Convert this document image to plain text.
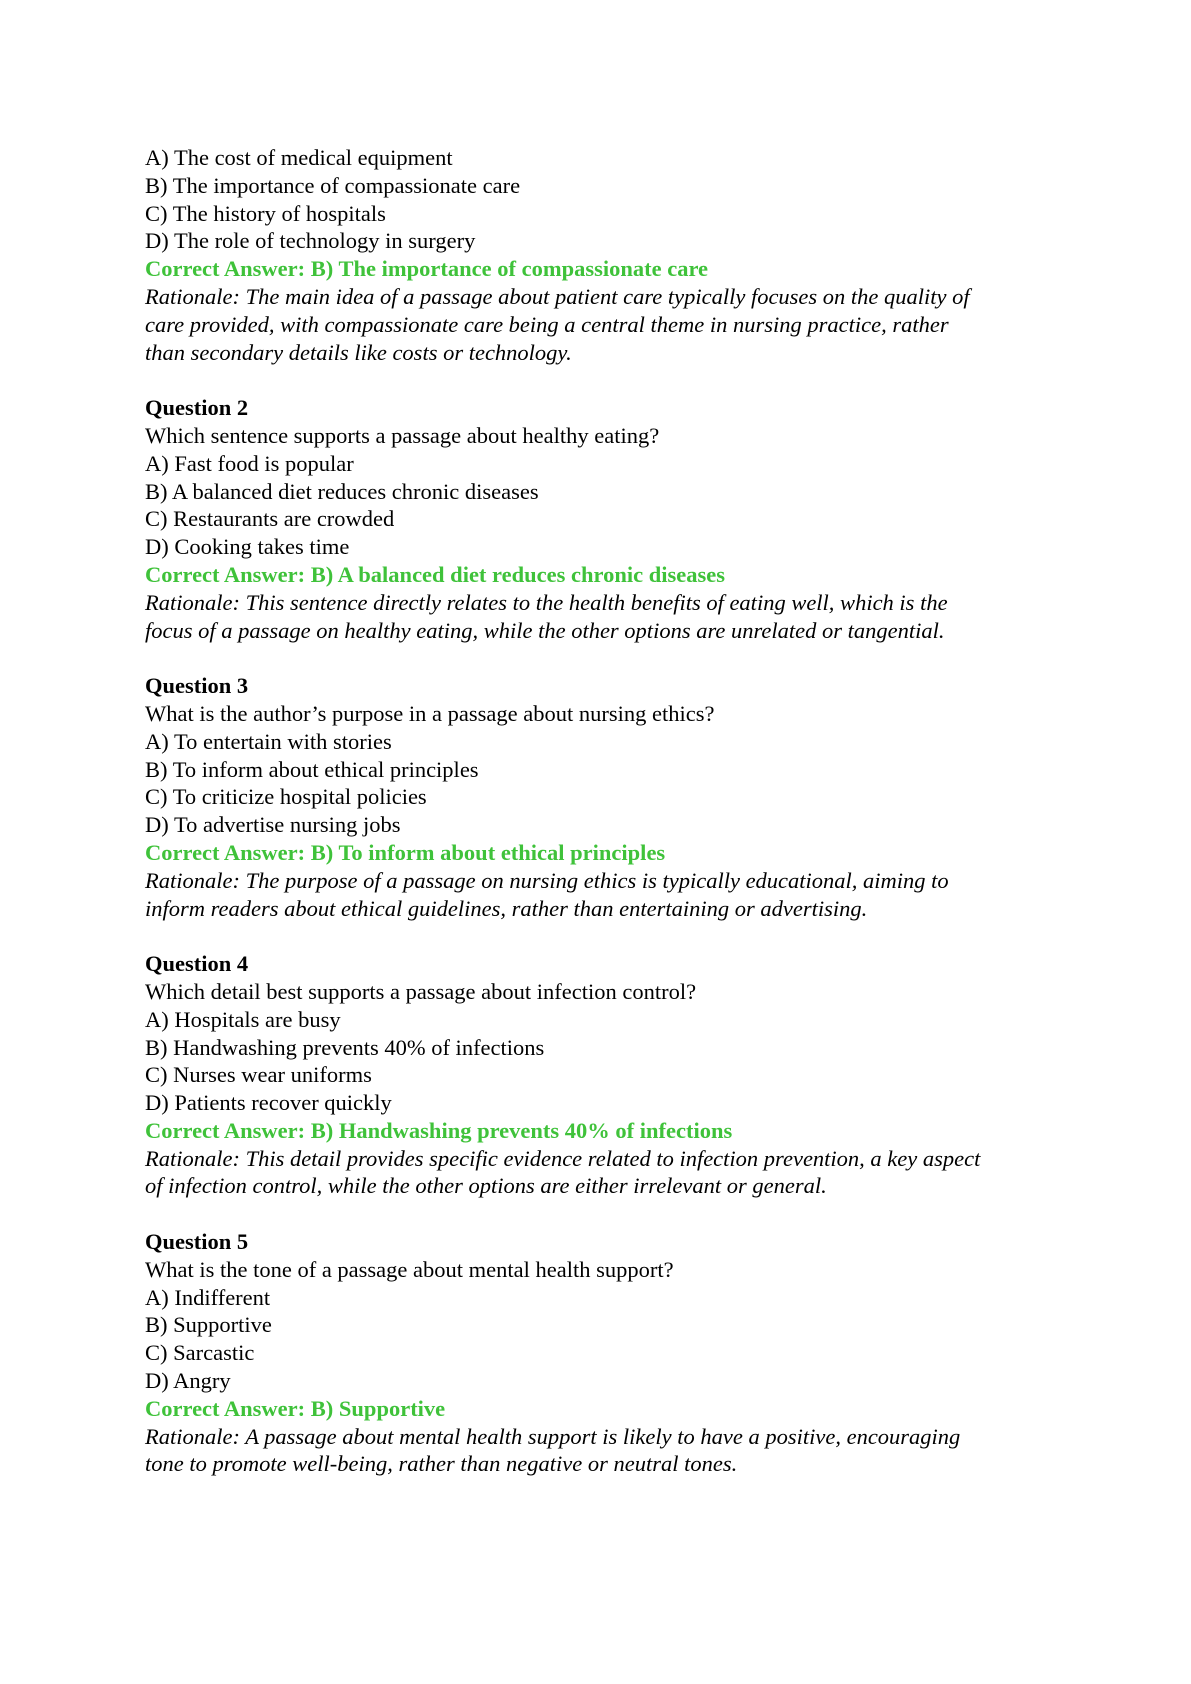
A) The cost of medical equipment
B) The importance of compassionate care
C) The history of hospitals
D) The role of technology in surgery
Correct Answer: B) The importance of compassionate care
Rationale: The main idea of a passage about patient care typically focuses on the quality of
care provided, with compassionate care being a central theme in nursing practice, rather
than secondary details like costs or technology.
Question 2
Which sentence supports a passage about healthy eating?
A) Fast food is popular
B) A balanced diet reduces chronic diseases
C) Restaurants are crowded
D) Cooking takes time
Correct Answer: B) A balanced diet reduces chronic diseases
Rationale: This sentence directly relates to the health benefits of eating well, which is the
focus of a passage on healthy eating, while the other options are unrelated or tangential.
Question 3
What is the author’s purpose in a passage about nursing ethics?
A) To entertain with stories
B) To inform about ethical principles
C) To criticize hospital policies
D) To advertise nursing jobs
Correct Answer: B) To inform about ethical principles
Rationale: The purpose of a passage on nursing ethics is typically educational, aiming to
inform readers about ethical guidelines, rather than entertaining or advertising.
Question 4
Which detail best supports a passage about infection control?
A) Hospitals are busy
B) Handwashing prevents 40% of infections
C) Nurses wear uniforms
D) Patients recover quickly
Correct Answer: B) Handwashing prevents 40% of infections
Rationale: This detail provides specific evidence related to infection prevention, a key aspect
of infection control, while the other options are either irrelevant or general.
Question 5
What is the tone of a passage about mental health support?
A) Indifferent
B) Supportive
C) Sarcastic
D) Angry
Correct Answer: B) Supportive
Rationale: A passage about mental health support is likely to have a positive, encouraging
tone to promote well-being, rather than negative or neutral tones.
